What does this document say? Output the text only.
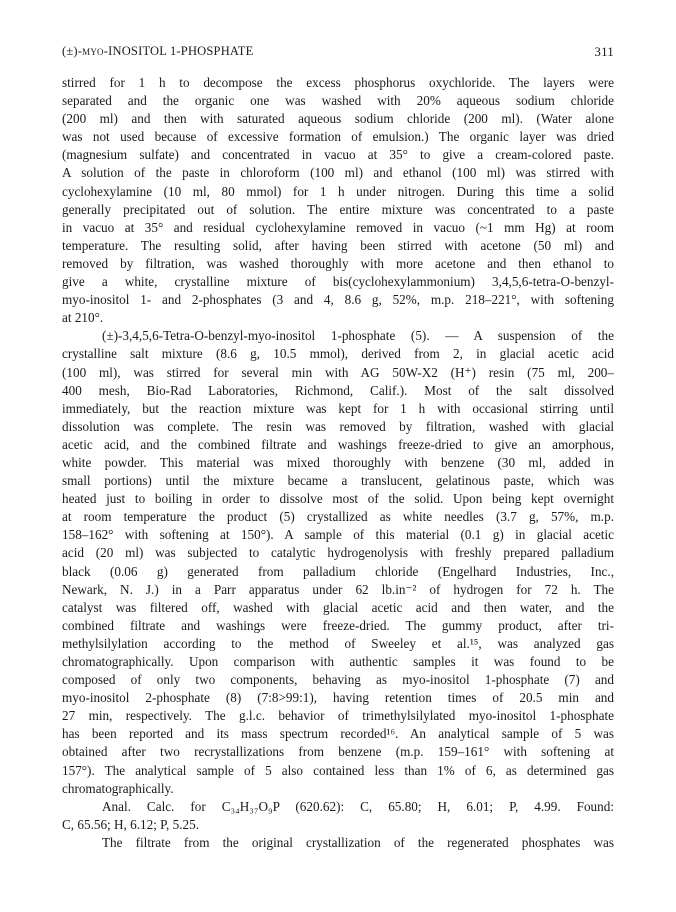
(±)-myo-INOSITOL 1-PHOSPHATE	311
stirred for 1 h to decompose the excess phosphorus oxychloride. The layers were
separated and the organic one was washed with 20% aqueous sodium chloride
(200 ml) and then with saturated aqueous sodium chloride (200 ml). (Water alone
was not used because of excessive formation of emulsion.) The organic layer was dried
(magnesium sulfate) and concentrated in vacuo at 35° to give a cream-colored paste.
A solution of the paste in chloroform (100 ml) and ethanol (100 ml) was stirred with
cyclohexylamine (10 ml, 80 mmol) for 1 h under nitrogen. During this time a solid
generally precipitated out of solution. The entire mixture was concentrated to a paste
in vacuo at 35° and residual cyclohexylamine removed in vacuo (~1 mm Hg) at room
temperature. The resulting solid, after having been stirred with acetone (50 ml) and
removed by filtration, was washed thoroughly with more acetone and then ethanol to
give a white, crystalline mixture of bis(cyclohexylammonium) 3,4,5,6-tetra-O-benzyl-
myo-inositol 1- and 2-phosphates (3 and 4, 8.6 g, 52%, m.p. 218–221°, with softening
at 210°.
(±)-3,4,5,6-Tetra-O-benzyl-myo-inositol 1-phosphate (5). — A suspension of the
crystalline salt mixture (8.6 g, 10.5 mmol), derived from 2, in glacial acetic acid
(100 ml), was stirred for several min with AG 50W-X2 (H⁺) resin (75 ml, 200–
400 mesh, Bio-Rad Laboratories, Richmond, Calif.). Most of the salt dissolved
immediately, but the reaction mixture was kept for 1 h with occasional stirring until
dissolution was complete. The resin was removed by filtration, washed with glacial
acetic acid, and the combined filtrate and washings freeze-dried to give an amorphous,
white powder. This material was mixed thoroughly with benzene (30 ml, added in
small portions) until the mixture became a translucent, gelatinous paste, which was
heated just to boiling in order to dissolve most of the solid. Upon being kept overnight
at room temperature the product (5) crystallized as white needles (3.7 g, 57%, m.p.
158–162° with softening at 150°). A sample of this material (0.1 g) in glacial acetic
acid (20 ml) was subjected to catalytic hydrogenolysis with freshly prepared palladium
black (0.06 g) generated from palladium chloride (Engelhard Industries, Inc.,
Newark, N. J.) in a Parr apparatus under 62 lb.in⁻² of hydrogen for 72 h. The
catalyst was filtered off, washed with glacial acetic acid and then water, and the
combined filtrate and washings were freeze-dried. The gummy product, after tri-
methylsilylation according to the method of Sweeley et al.¹⁵, was analyzed gas
chromatographically. Upon comparison with authentic samples it was found to be
composed of only two components, behaving as myo-inositol 1-phosphate (7) and
myo-inositol 2-phosphate (8) (7:8>99:1), having retention times of 20.5 min and
27 min, respectively. The g.l.c. behavior of trimethylsilylated myo-inositol 1-phosphate
has been reported and its mass spectrum recorded¹⁶. An analytical sample of 5 was
obtained after two recrystallizations from benzene (m.p. 159–161° with softening at
157°). The analytical sample of 5 also contained less than 1% of 6, as determined gas
chromatographically.
Anal. Calc. for C₃₄H₃₇O₉P (620.62): C, 65.80; H, 6.01; P, 4.99. Found:
C, 65.56; H, 6.12; P, 5.25.
The filtrate from the original crystallization of the regenerated phosphates was
